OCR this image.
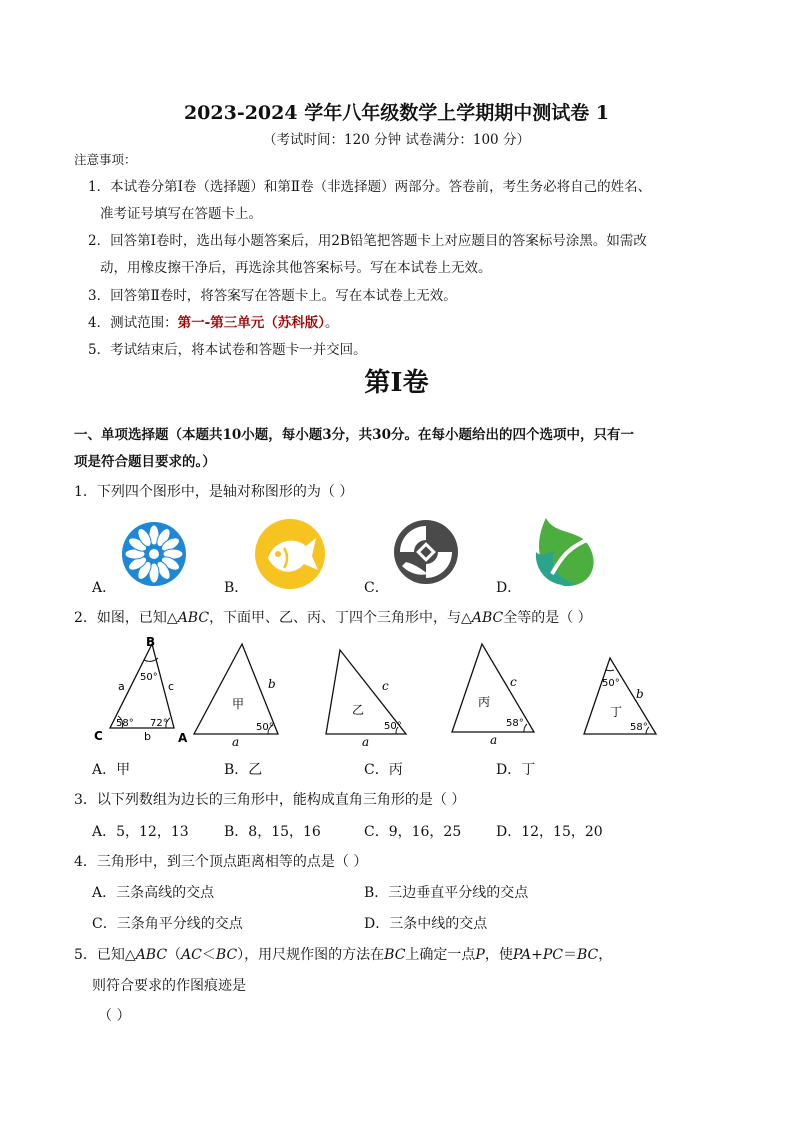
2023-2024 学年八年级数学上学期期中测试卷 1
（考试时间：120 分钟 试卷满分：100 分）
注意事项：
1．本试卷分第Ⅰ卷（选择题）和第Ⅱ卷（非选择题）两部分。答卷前，考生务必将自己的姓名、
准考证号填写在答题卡上。
2．回答第Ⅰ卷时，选出每小题答案后，用2B铅笔把答题卡上对应题目的答案标号涂黑。如需改
动，用橡皮擦干净后，再选涂其他答案标号。写在本试卷上无效。
3．回答第Ⅱ卷时，将答案写在答题卡上。写在本试卷上无效。
4．测试范围：第一-第三单元（苏科版）。
5．考试结束后，将本试卷和答题卡一并交回。
第Ⅰ卷
一、单项选择题（本题共10小题，每小题3分，共30分。在每小题给出的四个选项中，只有一
项是符合题目要求的。）
1．下列四个图形中，是轴对称图形的为（ ）
A．	B．	C．	D．
2．如图，已知△ABC，下面甲、乙、丙、丁四个三角形中，与△ABC全等的是（ ）
B
C	A
a	c
b
50°
58° 72°
甲
b
50°
a
乙
c
50°
a
丙
c
58°
a
50°
b
丁
58°
A．甲	B．乙	C．丙	D．丁
3．以下列数组为边长的三角形中，能构成直角三角形的是（ ）
A．5，12，13	B．8，15，16	C．9，16，25 D．12，15，20
4．三角形中，到三个顶点距离相等的点是（ ）
A．三条高线的交点	B．三边垂直平分线的交点
C．三条角平分线的交点	D．三条中线的交点
5．已知△ABC（AC＜BC），用尺规作图的方法在BC上确定一点P，使PA+PC＝BC，
则符合要求的作图痕迹是
（ ）
